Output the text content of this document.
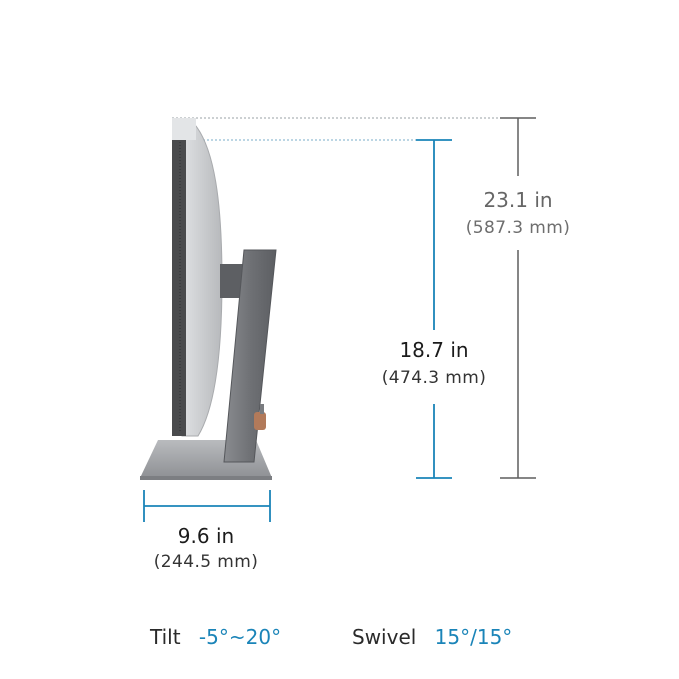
23.1 in
(587.3 mm)
18.7 in
(474.3 mm)
9.6 in
(244.5 mm)
Tilt -5°~20°	Swivel 15°/15°
